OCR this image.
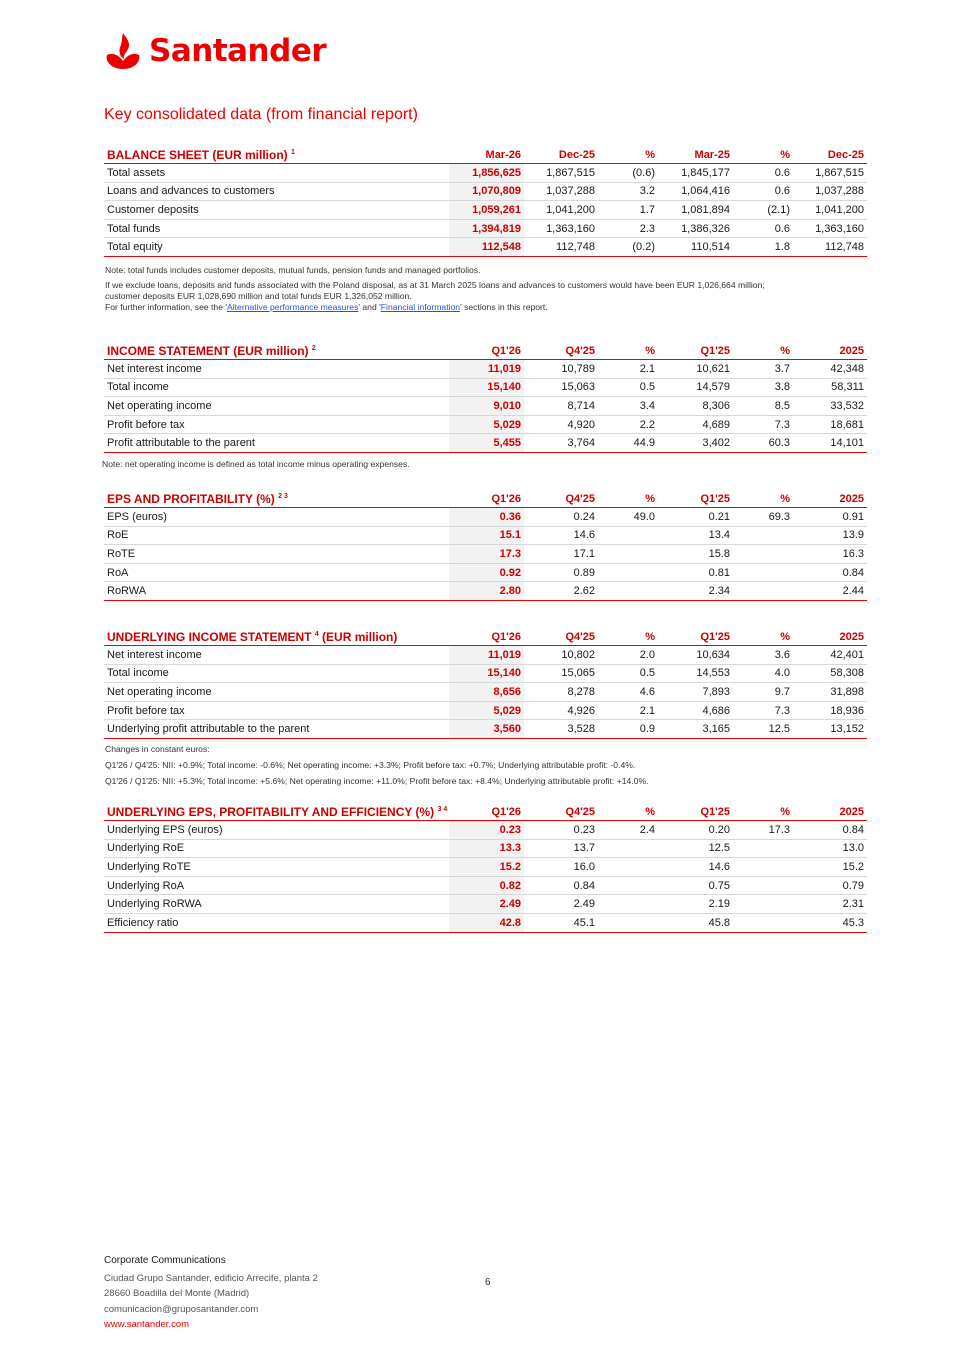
Santander
Key consolidated data (from financial report)
BALANCE SHEET (EUR million) $^1$	Mar-26	Dec-25	%	Mar-25	%	Dec-25
Total assets	1,856,625	1,867,515	(0.6)	1,845,177	0.6	1,867,515
Loans and advances to customers	1,070,809	1,037,288	3.2	1,064,416	0.6	1,037,288
Customer deposits	1,059,261	1,041,200	1.7	1,081,894	(2.1)	1,041,200
Total funds	1,394,819	1,363,160	2.3	1,386,326	0.6	1,363,160
Total equity	112,548	112,748	(0.2)	110,514	1.8	112,748
Note: total funds includes customer deposits, mutual funds, pension funds and managed portfolios.
If we exclude loans, deposits and funds associated with the Poland disposal, as at 31 March 2025 loans and advances to customers would have been EUR 1,026,664 million;
customer deposits EUR 1,028,690 million and total funds EUR 1,326,052 million.
For further information, see the 'Alternative performance measures' and 'Financial information' sections in this report.
INCOME STATEMENT (EUR million) $^2$	Q1'26	Q4'25	%	Q1'25	%	2025
Net interest income	11,019	10,789	2.1	10,621	3.7	42,348
Total income	15,140	15,063	0.5	14,579	3.8	58,311
Net operating income	9,010	8,714	3.4	8,306	8.5	33,532
Profit before tax	5,029	4,920	2.2	4,689	7.3	18,681
Profit attributable to the parent	5,455	3,764	44.9	3,402	60.3	14,101
Note: net operating income is defined as total income minus operating expenses.
EPS AND PROFITABILITY (%) $^{2 3}$	Q1'26	Q4'25	%	Q1'25	%	2025
EPS (euros)	0.36	0.24	49.0	0.21	69.3	0.91
RoE	15.1	14.6		13.4		13.9
RoTE	17.3	17.1		15.8		16.3
RoA	0.92	0.89		0.81		0.84
RoRWA	2.80	2.62		2.34		2.44
UNDERLYING INCOME STATEMENT $^4$ (EUR million)	Q1'26	Q4'25	%	Q1'25	%	2025
Net interest income	11,019	10,802	2.0	10,634	3.6	42,401
Total income	15,140	15,065	0.5	14,553	4.0	58,308
Net operating income	8,656	8,278	4.6	7,893	9.7	31,898
Profit before tax	5,029	4,926	2.1	4,686	7.3	18,936
Underlying profit attributable to the parent	3,560	3,528	0.9	3,165	12.5	13,152
Changes in constant euros:
Q1'26 / Q4'25: NII: +0.9%; Total income: -0.6%; Net operating income: +3.3%; Profit before tax: +0.7%; Underlying attributable profit: -0.4%.
Q1'26 / Q1'25: NII: +5.3%; Total income: +5.6%; Net operating income: +11.0%; Profit before tax: +8.4%; Underlying attributable profit: +14.0%.
UNDERLYING EPS, PROFITABILITY AND EFFICIENCY (%) $^{3 4}$	Q1'26	Q4'25	%	Q1'25	%	2025
Underlying EPS (euros)	0.23	0.23	2.4	0.20	17.3	0.84
Underlying RoE	13.3	13.7		12.5		13.0
Underlying RoTE	15.2	16.0		14.6		15.2
Underlying RoA	0.82	0.84		0.75		0.79
Underlying RoRWA	2.49	2.49		2.19		2.31
Efficiency ratio	42.8	45.1		45.8		45.3
Corporate Communications
Ciudad Grupo Santander, edificio Arrecife, planta 2
28660 Boadilla del Monte (Madrid)
comunicacion@gruposantander.com
www.santander.com
6
